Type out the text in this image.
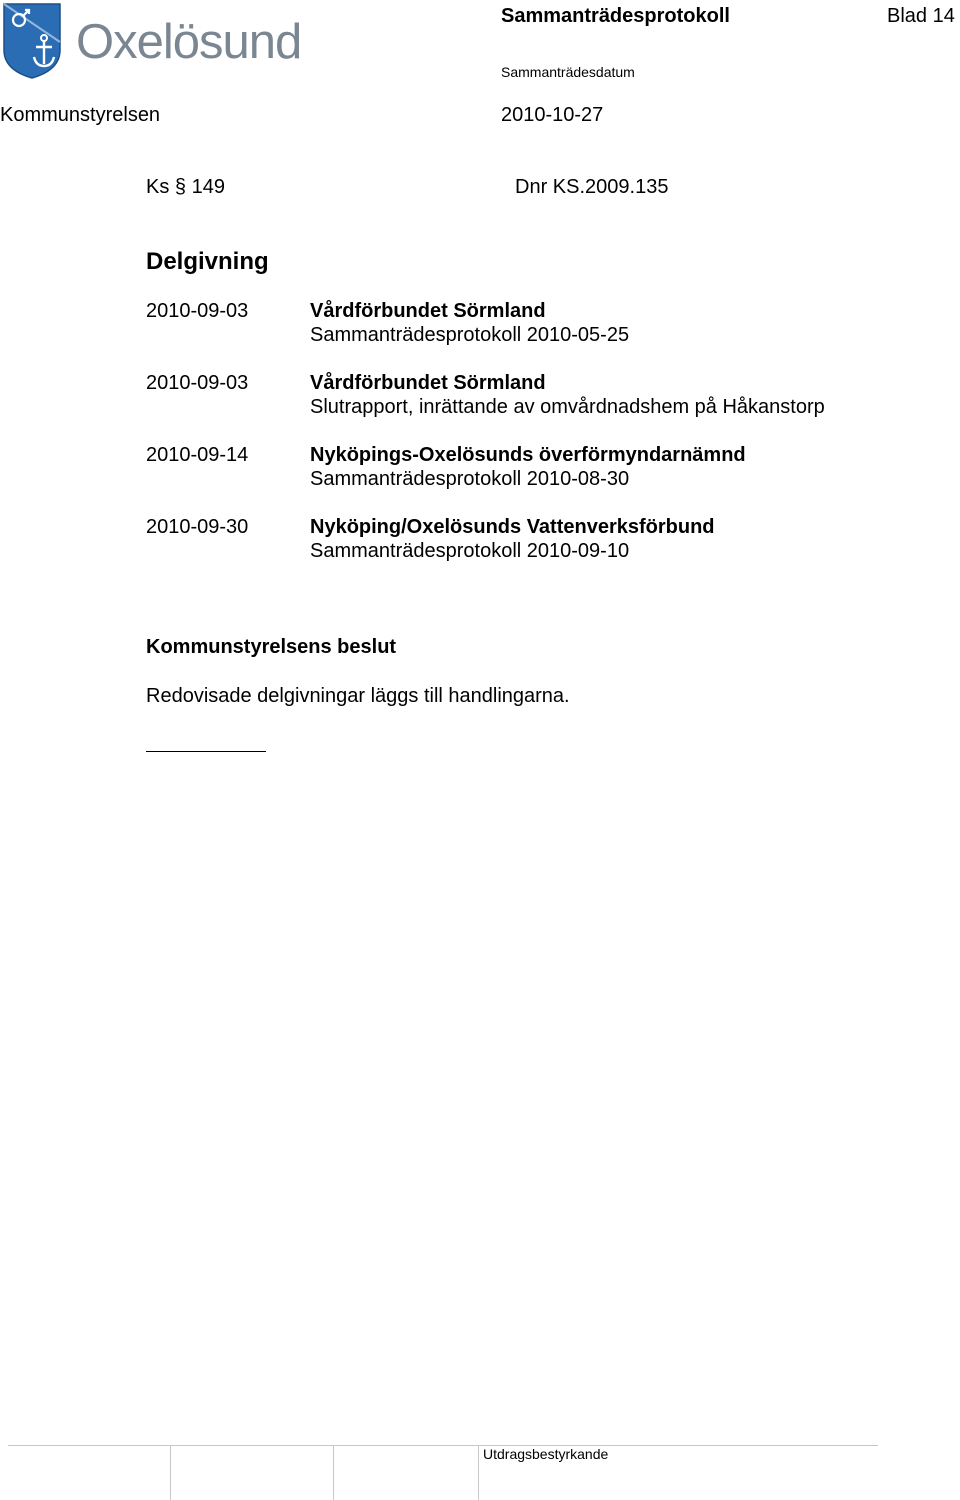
Oxelösund	Sammanträdesprotokoll	Blad 14
Sammanträdesdatum
Kommunstyrelsen	2010-10-27
Ks § 149	Dnr KS.2009.135
Delgivning
2010-09-03	Vårdförbundet Sörmland
Sammanträdesprotokoll 2010-05-25
2010-09-03	Vårdförbundet Sörmland
Slutrapport, inrättande av omvårdnadshem på Håkanstorp
2010-09-14	Nyköpings-Oxelösunds överförmyndarnämnd
Sammanträdesprotokoll 2010-08-30
2010-09-30	Nyköping/Oxelösunds Vattenverksförbund
Sammanträdesprotokoll 2010-09-10
Kommunstyrelsens beslut
Redovisade delgivningar läggs till handlingarna.
Utdragsbestyrkande
